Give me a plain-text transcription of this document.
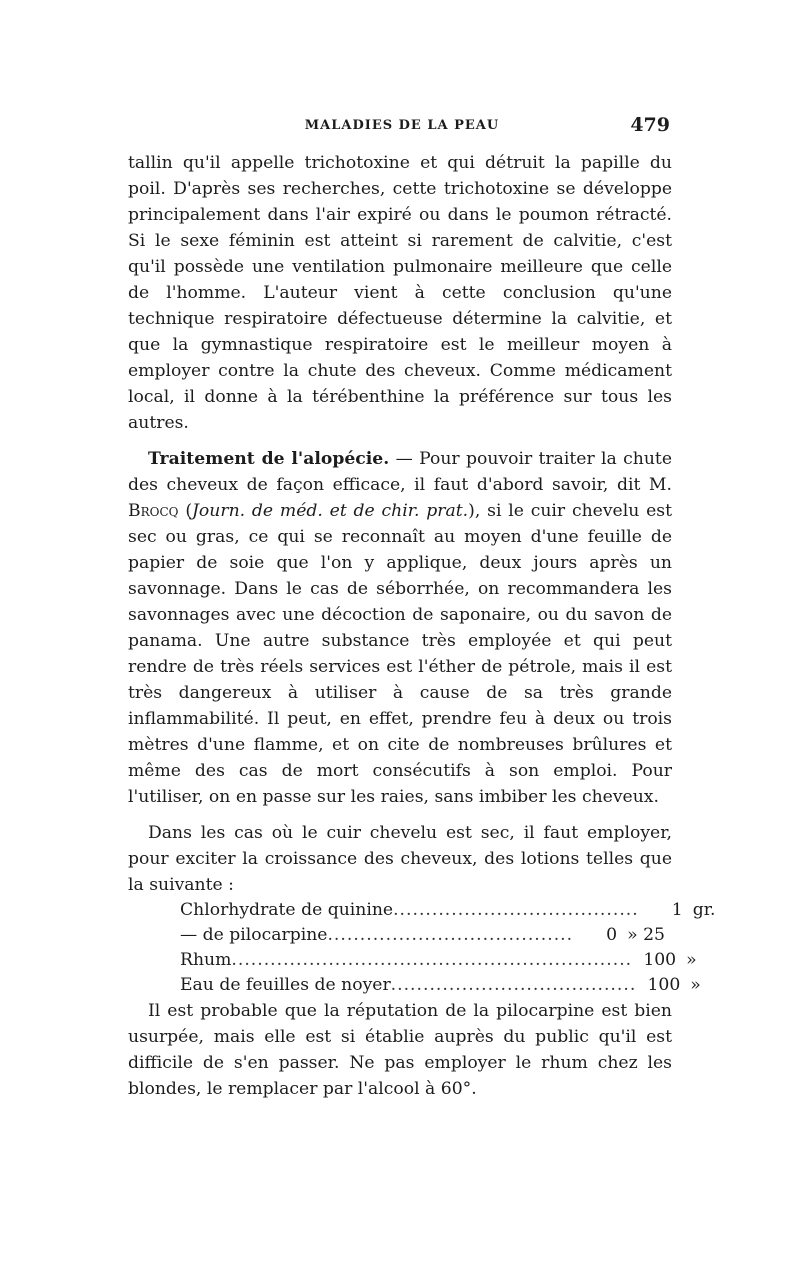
MALADIES DE LA PEAU	479

tallin qu'il appelle trichotoxine et qui détruit la papille du poil. D'après ses recherches, cette trichotoxine se développe principalement dans l'air expiré ou dans le poumon rétracté. Si le sexe féminin est atteint si rarement de calvitie, c'est qu'il possède une ventilation pulmonaire meilleure que celle de l'homme. L'auteur vient à cette conclusion qu'une technique respiratoire défectueuse détermine la calvitie, et que la gymnastique respiratoire est le meilleur moyen à employer contre la chute des cheveux. Comme médicament local, il donne à la térébenthine la préférence sur tous les autres.

Traitement de l'alopécie. — Pour pouvoir traiter la chute des cheveux de façon efficace, il faut d'abord savoir, dit M. Brocq (Journ. de méd. et de chir. prat.), si le cuir chevelu est sec ou gras, ce qui se reconnaît au moyen d'une feuille de papier de soie que l'on y applique, deux jours après un savonnage. Dans le cas de séborrhée, on recommandera les savonnages avec une décoction de saponaire, ou du savon de panama. Une autre substance très employée et qui peut rendre de très réels services est l'éther de pétrole, mais il est très dangereux à utiliser à cause de sa très grande inflammabilité. Il peut, en effet, prendre feu à deux ou trois mètres d'une flamme, et on cite de nombreuses brûlures et même des cas de mort consécutifs à son emploi. Pour l'utiliser, on en passe sur les raies, sans imbiber les cheveux.

Dans les cas où le cuir chevelu est sec, il faut employer, pour exciter la croissance des cheveux, des lotions telles que la suivante :

Chlorhydrate de quinine ......................................	1 gr.
— de pilocarpine ......................................	0 » 25
Rhum .............................................................. 100 »
Eau de feuilles de noyer ...................................... 100 »

Il est probable que la réputation de la pilocarpine est bien usurpée, mais elle est si établie auprès du public qu'il est difficile de s'en passer. Ne pas employer le rhum chez les blondes, le remplacer par l'alcool à 60°.
